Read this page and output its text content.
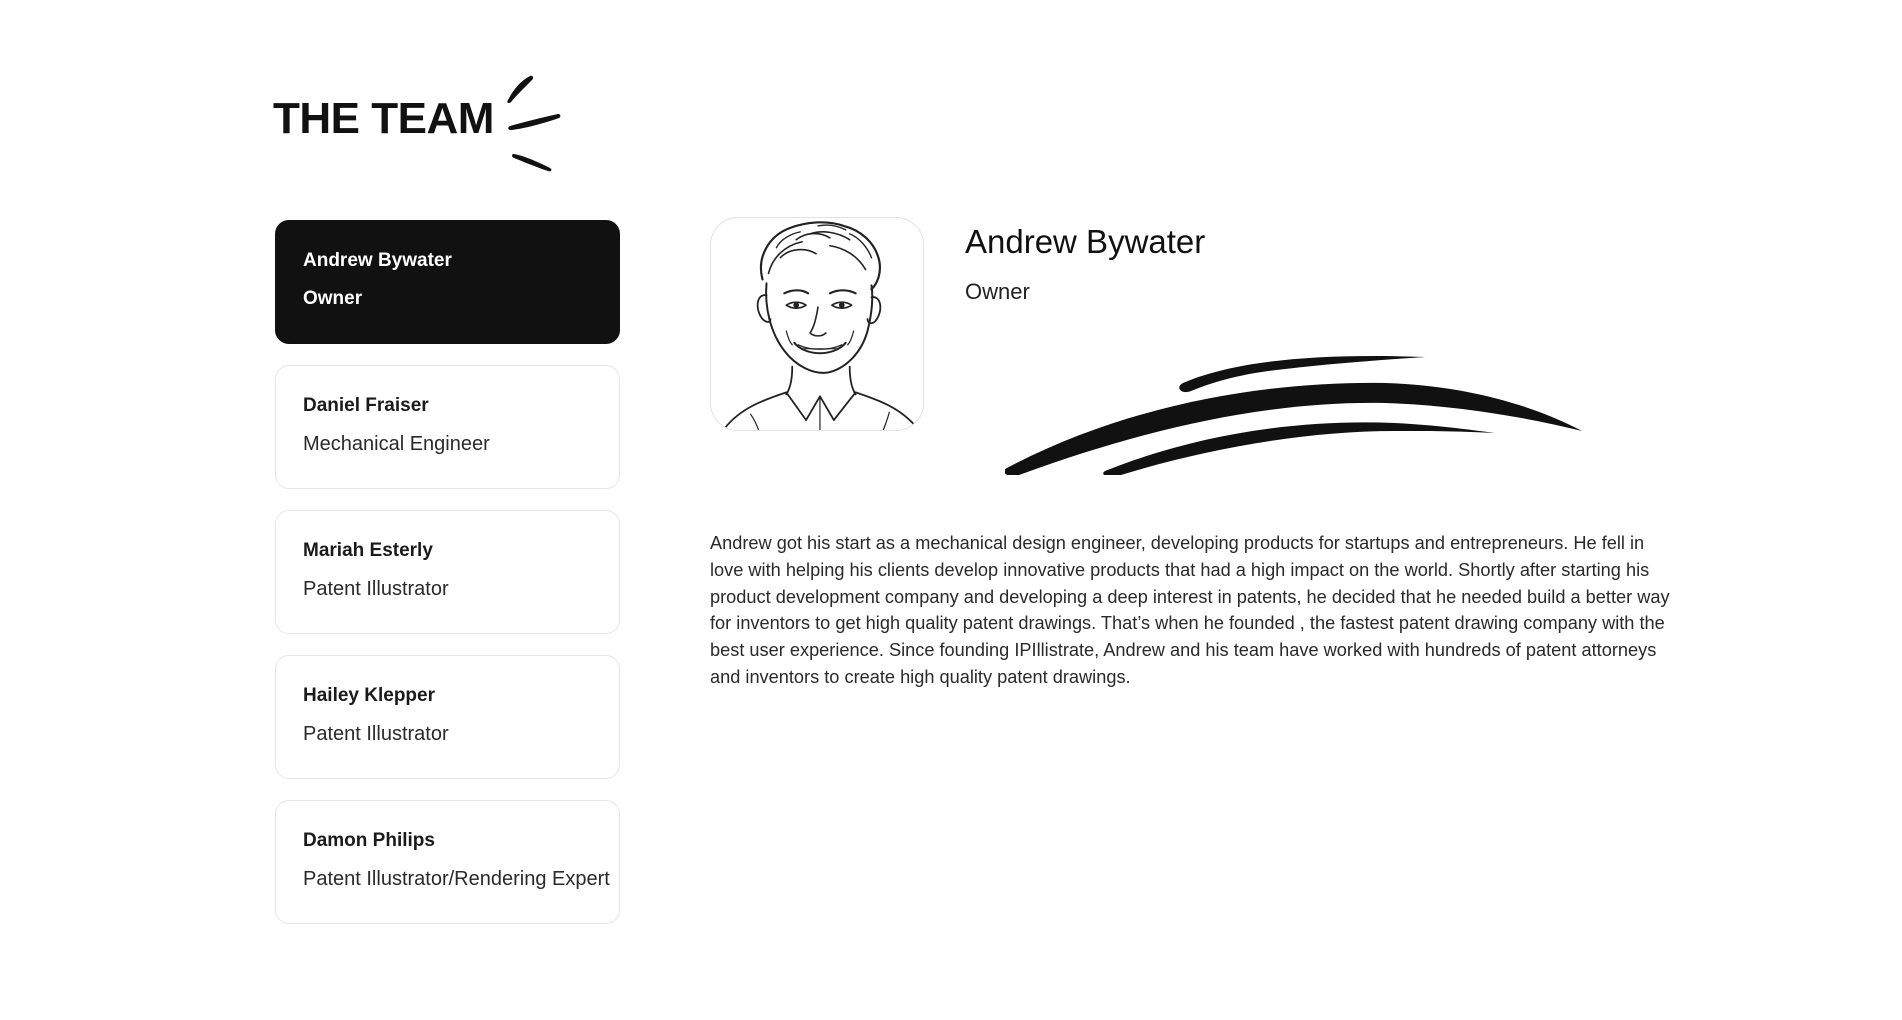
THE TEAM
Andrew Bywater
Owner
Daniel Fraiser
Mechanical Engineer
Mariah Esterly
Patent Illustrator
Hailey Klepper
Patent Illustrator
Damon Philips
Patent Illustrator/Rendering Expert
Andrew Bywater
Owner

Andrew got his start as a mechanical design engineer, developing products for startups and entrepreneurs. He fell in love with helping his clients develop innovative products that had a high impact on the world. Shortly after starting his product development company and developing a deep interest in patents, he decided that he needed build a better way for inventors to get high quality patent drawings. That’s when he founded , the fastest patent drawing company with the best user experience. Since founding IPIllistrate, Andrew and his team have worked with hundreds of patent attorneys and inventors to create high quality patent drawings.
